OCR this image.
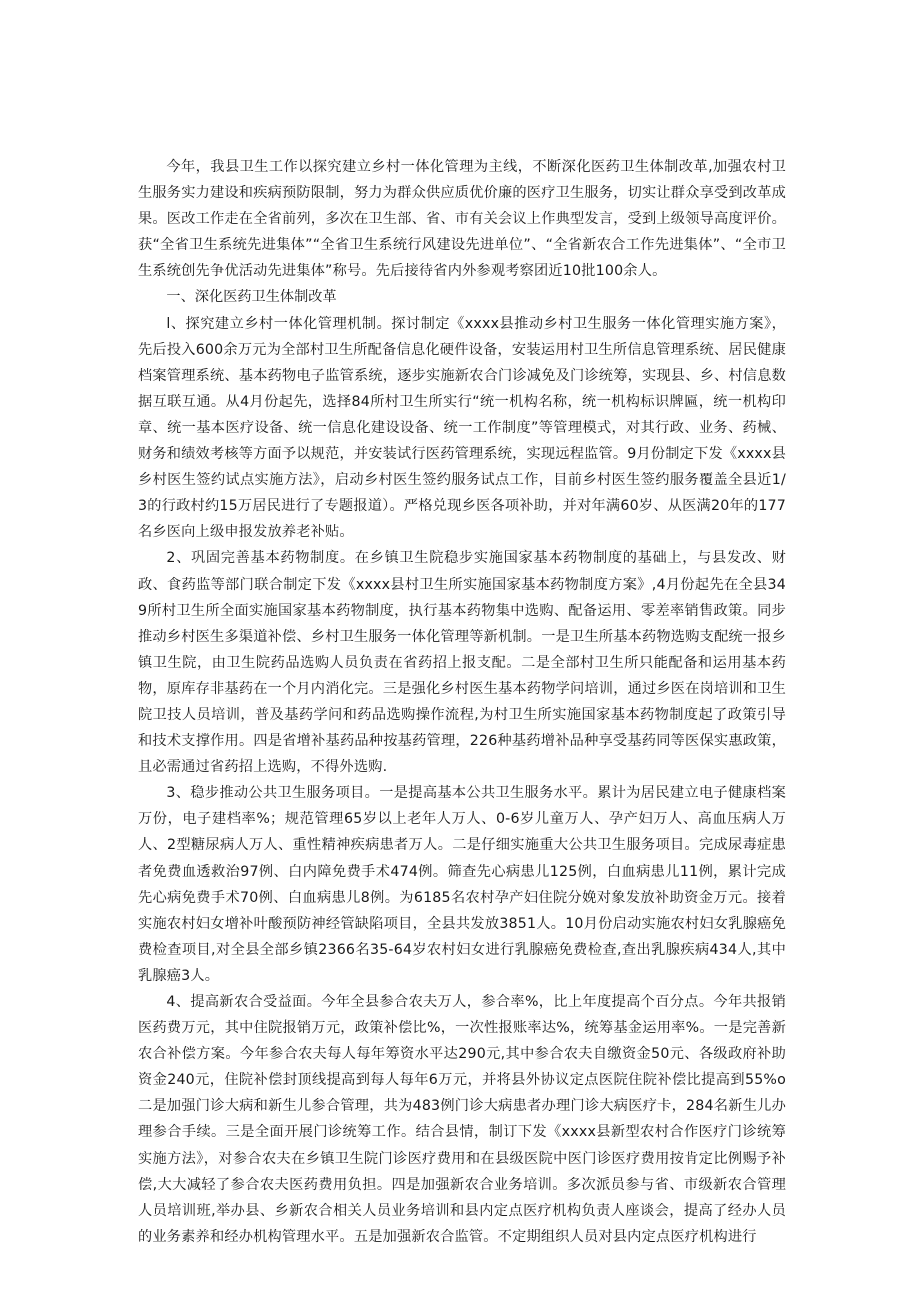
今年，我县卫生工作以探究建立乡村一体化管理为主线，不断深化医药卫生体制改革,加强农村卫生服务实力建设和疾病预防限制，努力为群众供应质优价廉的医疗卫生服务，切实让群众享受到改革成果。医改工作走在全省前列，多次在卫生部、省、市有关会议上作典型发言，受到上级领导高度评价。获“全省卫生系统先进集体”“全省卫生系统行风建设先进单位”、“全省新农合工作先进集体”、“全市卫生系统创先争优活动先进集体”称号。先后接待省内外参观考察团近10批100余人。

一、深化医药卫生体制改革

l、探究建立乡村一体化管理机制。探讨制定《xxxx县推动乡村卫生服务一体化管理实施方案》，先后投入600余万元为全部村卫生所配备信息化硬件设备，安装运用村卫生所信息管理系统、居民健康档案管理系统、基本药物电子监管系统，逐步实施新农合门诊减免及门诊统筹，实现县、乡、村信息数据互联互通。从4月份起先，选择84所村卫生所实行“统一机构名称，统一机构标识牌匾，统一机构印章、统一基本医疗设备、统一信息化建设设备、统一工作制度”等管理模式，对其行政、业务、药械、财务和绩效考核等方面予以规范，并安装试行医药管理系统，实现远程监管。9月份制定下发《xxxx县乡村医生签约试点实施方法》，启动乡村医生签约服务试点工作，目前乡村医生签约服务覆盖全县近1/3的行政村约15万居民进行了专题报道）。严格兑现乡医各项补助，并对年满60岁、从医满20年的177名乡医向上级申报发放养老补贴。

2、巩固完善基本药物制度。在乡镇卫生院稳步实施国家基本药物制度的基础上，与县发改、财政、食药监等部门联合制定下发《xxxx县村卫生所实施国家基本药物制度方案》,4月份起先在全县349所村卫生所全面实施国家基本药物制度，执行基本药物集中选购、配备运用、零差率销售政策。同步推动乡村医生多渠道补偿、乡村卫生服务一体化管理等新机制。一是卫生所基本药物选购支配统一报乡镇卫生院，由卫生院药品选购人员负责在省药招上报支配。二是全部村卫生所只能配备和运用基本药物，原库存非基药在一个月内消化完。三是强化乡村医生基本药物学问培训，通过乡医在岗培训和卫生院卫技人员培训，普及基药学问和药品选购操作流程,为村卫生所实施国家基本药物制度起了政策引导和技术支撑作用。四是省增补基药品种按基药管理，226种基药增补品种享受基药同等医保实惠政策，且必需通过省药招上选购，不得外选购.

3、稳步推动公共卫生服务项目。一是提高基本公共卫生服务水平。累计为居民建立电子健康档案万份，电子建档率%；规范管理65岁以上老年人万人、0-6岁儿童万人、孕产妇万人、高血压病人万人、2型糖尿病人万人、重性精神疾病患者万人。二是仔细实施重大公共卫生服务项目。完成尿毒症患者免费血透救治97例、白内障免费手术474例。筛查先心病患儿125例，白血病患儿11例，累计完成先心病免费手术70例、白血病患儿8例。为6185名农村孕产妇住院分娩对象发放补助资金万元。接着实施农村妇女增补叶酸预防神经管缺陷项目，全县共发放3851人。10月份启动实施农村妇女乳腺癌免费检查项目,对全县全部乡镇2366名35-64岁农村妇女进行乳腺癌免费检查,查出乳腺疾病434人,其中乳腺癌3人。

4、提高新农合受益面。今年全县参合农夫万人，参合率%，比上年度提高个百分点。今年共报销医药费万元，其中住院报销万元，政策补偿比%，一次性报账率达%，统筹基金运用率%。一是完善新农合补偿方案。今年参合农夫每人每年筹资水平达290元,其中参合农夫自缴资金50元、各级政府补助资金240元，住院补偿封顶线提高到每人每年6万元，并将县外协议定点医院住院补偿比提高到55%o二是加强门诊大病和新生儿参合管理，共为483例门诊大病患者办理门诊大病医疗卡，284名新生儿办理参合手续。三是全面开展门诊统筹工作。结合县情，制订下发《xxxx县新型农村合作医疗门诊统筹实施方法》，对参合农夫在乡镇卫生院门诊医疗费用和在县级医院中医门诊医疗费用按肯定比例赐予补偿,大大减轻了参合农夫医药费用负担。四是加强新农合业务培训。多次派员参与省、市级新农合管理人员培训班,举办县、乡新农合相关人员业务培训和县内定点医疗机构负责人座谈会，提高了经办人员的业务素养和经办机构管理水平。五是加强新农合监管。不定期组织人员对县内定点医疗机构进行
